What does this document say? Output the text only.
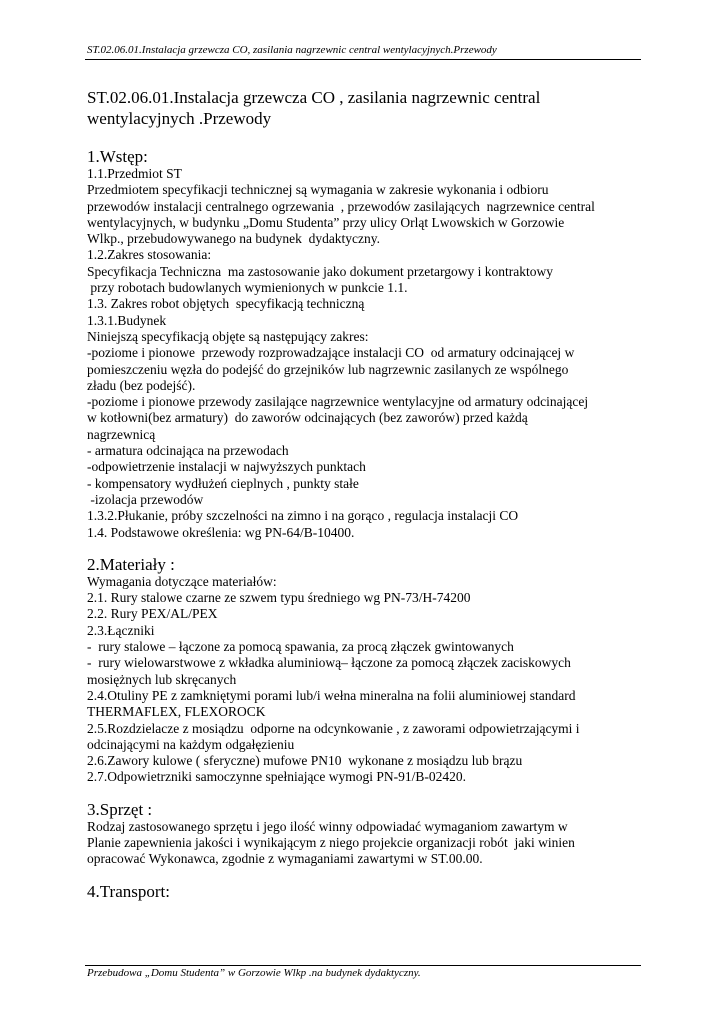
ST.02.06.01.Instalacja grzewcza CO, zasilania nagrzewnic central wentylacyjnych.Przewody
ST.02.06.01.Instalacja grzewcza CO , zasilania nagrzewnic central
wentylacyjnych .Przewody
1.Wstęp:
1.1.Przedmiot ST
Przedmiotem specyfikacji technicznej są wymagania w zakresie wykonania i odbioru
przewodów instalacji centralnego ogrzewania  , przewodów zasilających  nagrzewnice central
wentylacyjnych, w budynku „Domu Studenta” przy ulicy Orląt Lwowskich w Gorzowie
Wlkp., przebudowywanego na budynek  dydaktyczny.
1.2.Zakres stosowania:
Specyfikacja Techniczna  ma zastosowanie jako dokument przetargowy i kontraktowy
przy robotach budowlanych wymienionych w punkcie 1.1.
1.3. Zakres robot objętych  specyfikacją techniczną
1.3.1.Budynek
Niniejszą specyfikacją objęte są następujący zakres:
-poziome i pionowe  przewody rozprowadzające instalacji CO  od armatury odcinającej w
pomieszczeniu węzła do podejść do grzejników lub nagrzewnic zasilanych ze wspólnego
zładu (bez podejść).
-poziome i pionowe przewody zasilające nagrzewnice wentylacyjne od armatury odcinającej
w kotłowni(bez armatury)  do zaworów odcinających (bez zaworów) przed każdą
nagrzewnicą
- armatura odcinająca na przewodach
-odpowietrzenie instalacji w najwyższych punktach
- kompensatory wydłużeń cieplnych , punkty stałe
-izolacja przewodów
1.3.2.Płukanie, próby szczelności na zimno i na gorąco , regulacja instalacji CO
1.4. Podstawowe określenia: wg PN-64/B-10400.
2.Materiały :
Wymagania dotyczące materiałów:
2.1. Rury stalowe czarne ze szwem typu średniego wg PN-73/H-74200
2.2. Rury PEX/AL/PEX
2.3.Łączniki
-  rury stalowe – łączone za pomocą spawania, za procą złączek gwintowanych
-  rury wielowarstwowe z wkładka aluminiową– łączone za pomocą złączek zaciskowych
mosiężnych lub skręcanych
2.4.Otuliny PE z zamkniętymi porami lub/i wełna mineralna na folii aluminiowej standard
THERMAFLEX, FLEXOROCK
2.5.Rozdzielacze z mosiądzu  odporne na odcynkowanie , z zaworami odpowietrzającymi i
odcinającymi na każdym odgałęzieniu
2.6.Zawory kulowe ( sferyczne) mufowe PN10  wykonane z mosiądzu lub brązu
2.7.Odpowietrzniki samoczynne spełniające wymogi PN-91/B-02420.
3.Sprzęt :
Rodzaj zastosowanego sprzętu i jego ilość winny odpowiadać wymaganiom zawartym w
Planie zapewnienia jakości i wynikającym z niego projekcie organizacji robót  jaki winien
opracować Wykonawca, zgodnie z wymaganiami zawartymi w ST.00.00.
4.Transport:
Przebudowa „Domu Studenta” w Gorzowie Wlkp .na budynek dydaktyczny.
